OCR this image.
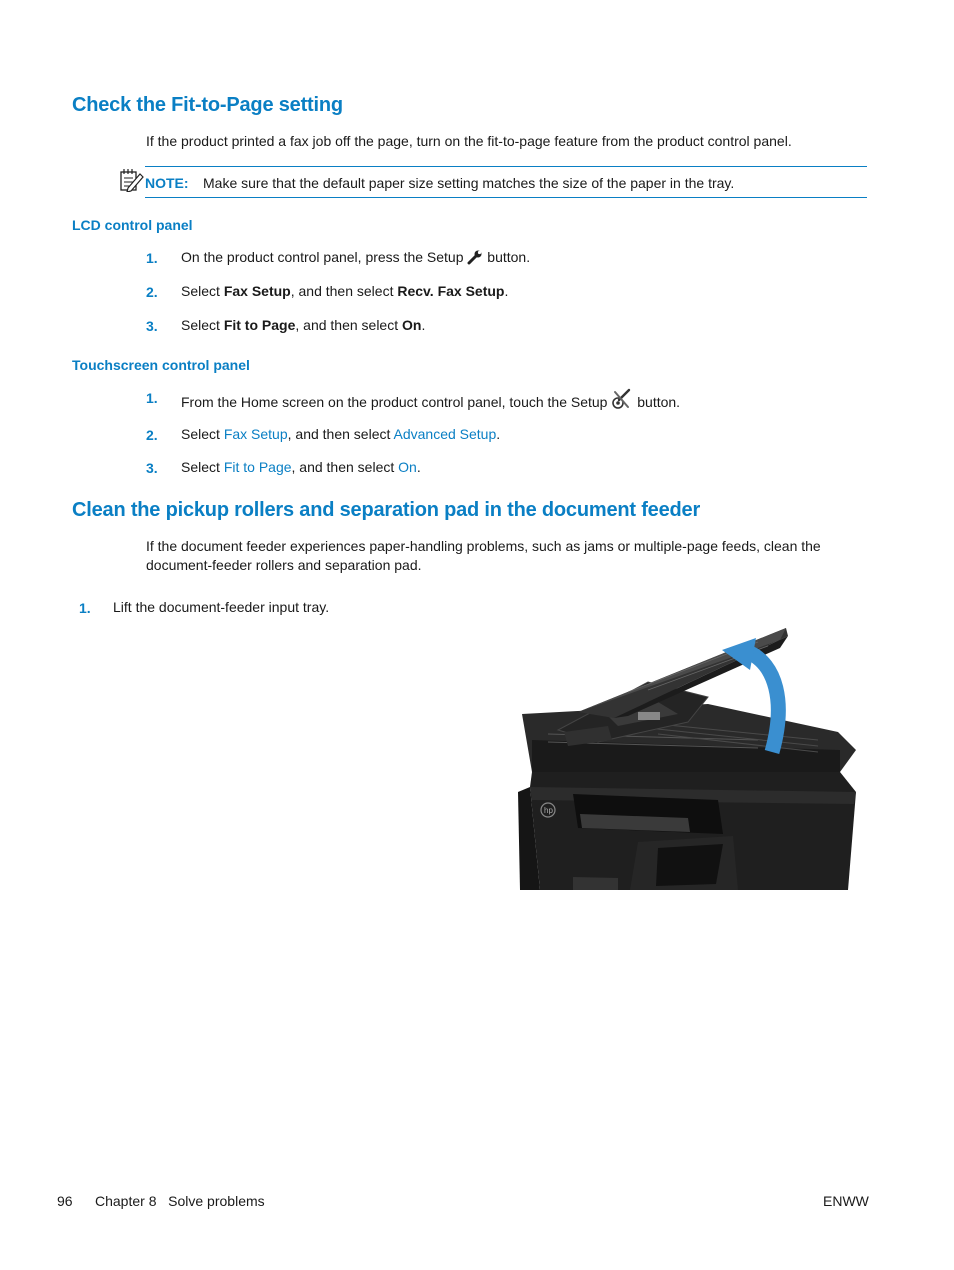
Check the Fit-to-Page setting
If the product printed a fax job off the page, turn on the fit-to-page feature from the product control panel.
NOTE: Make sure that the default paper size setting matches the size of the paper in the tray.
LCD control panel
1. On the product control panel, press the Setup  button.
2. Select Fax Setup, and then select Recv. Fax Setup.
3. Select Fit to Page, and then select On.
Touchscreen control panel
1. From the Home screen on the product control panel, touch the Setup  button.
2. Select Fax Setup, and then select Advanced Setup.
3. Select Fit to Page, and then select On.
Clean the pickup rollers and separation pad in the document feeder
If the document feeder experiences paper-handling problems, such as jams or multiple-page feeds, clean the
document-feeder rollers and separation pad.
1. Lift the document-feeder input tray.
hp
96 Chapter 8   Solve problems	ENWW
